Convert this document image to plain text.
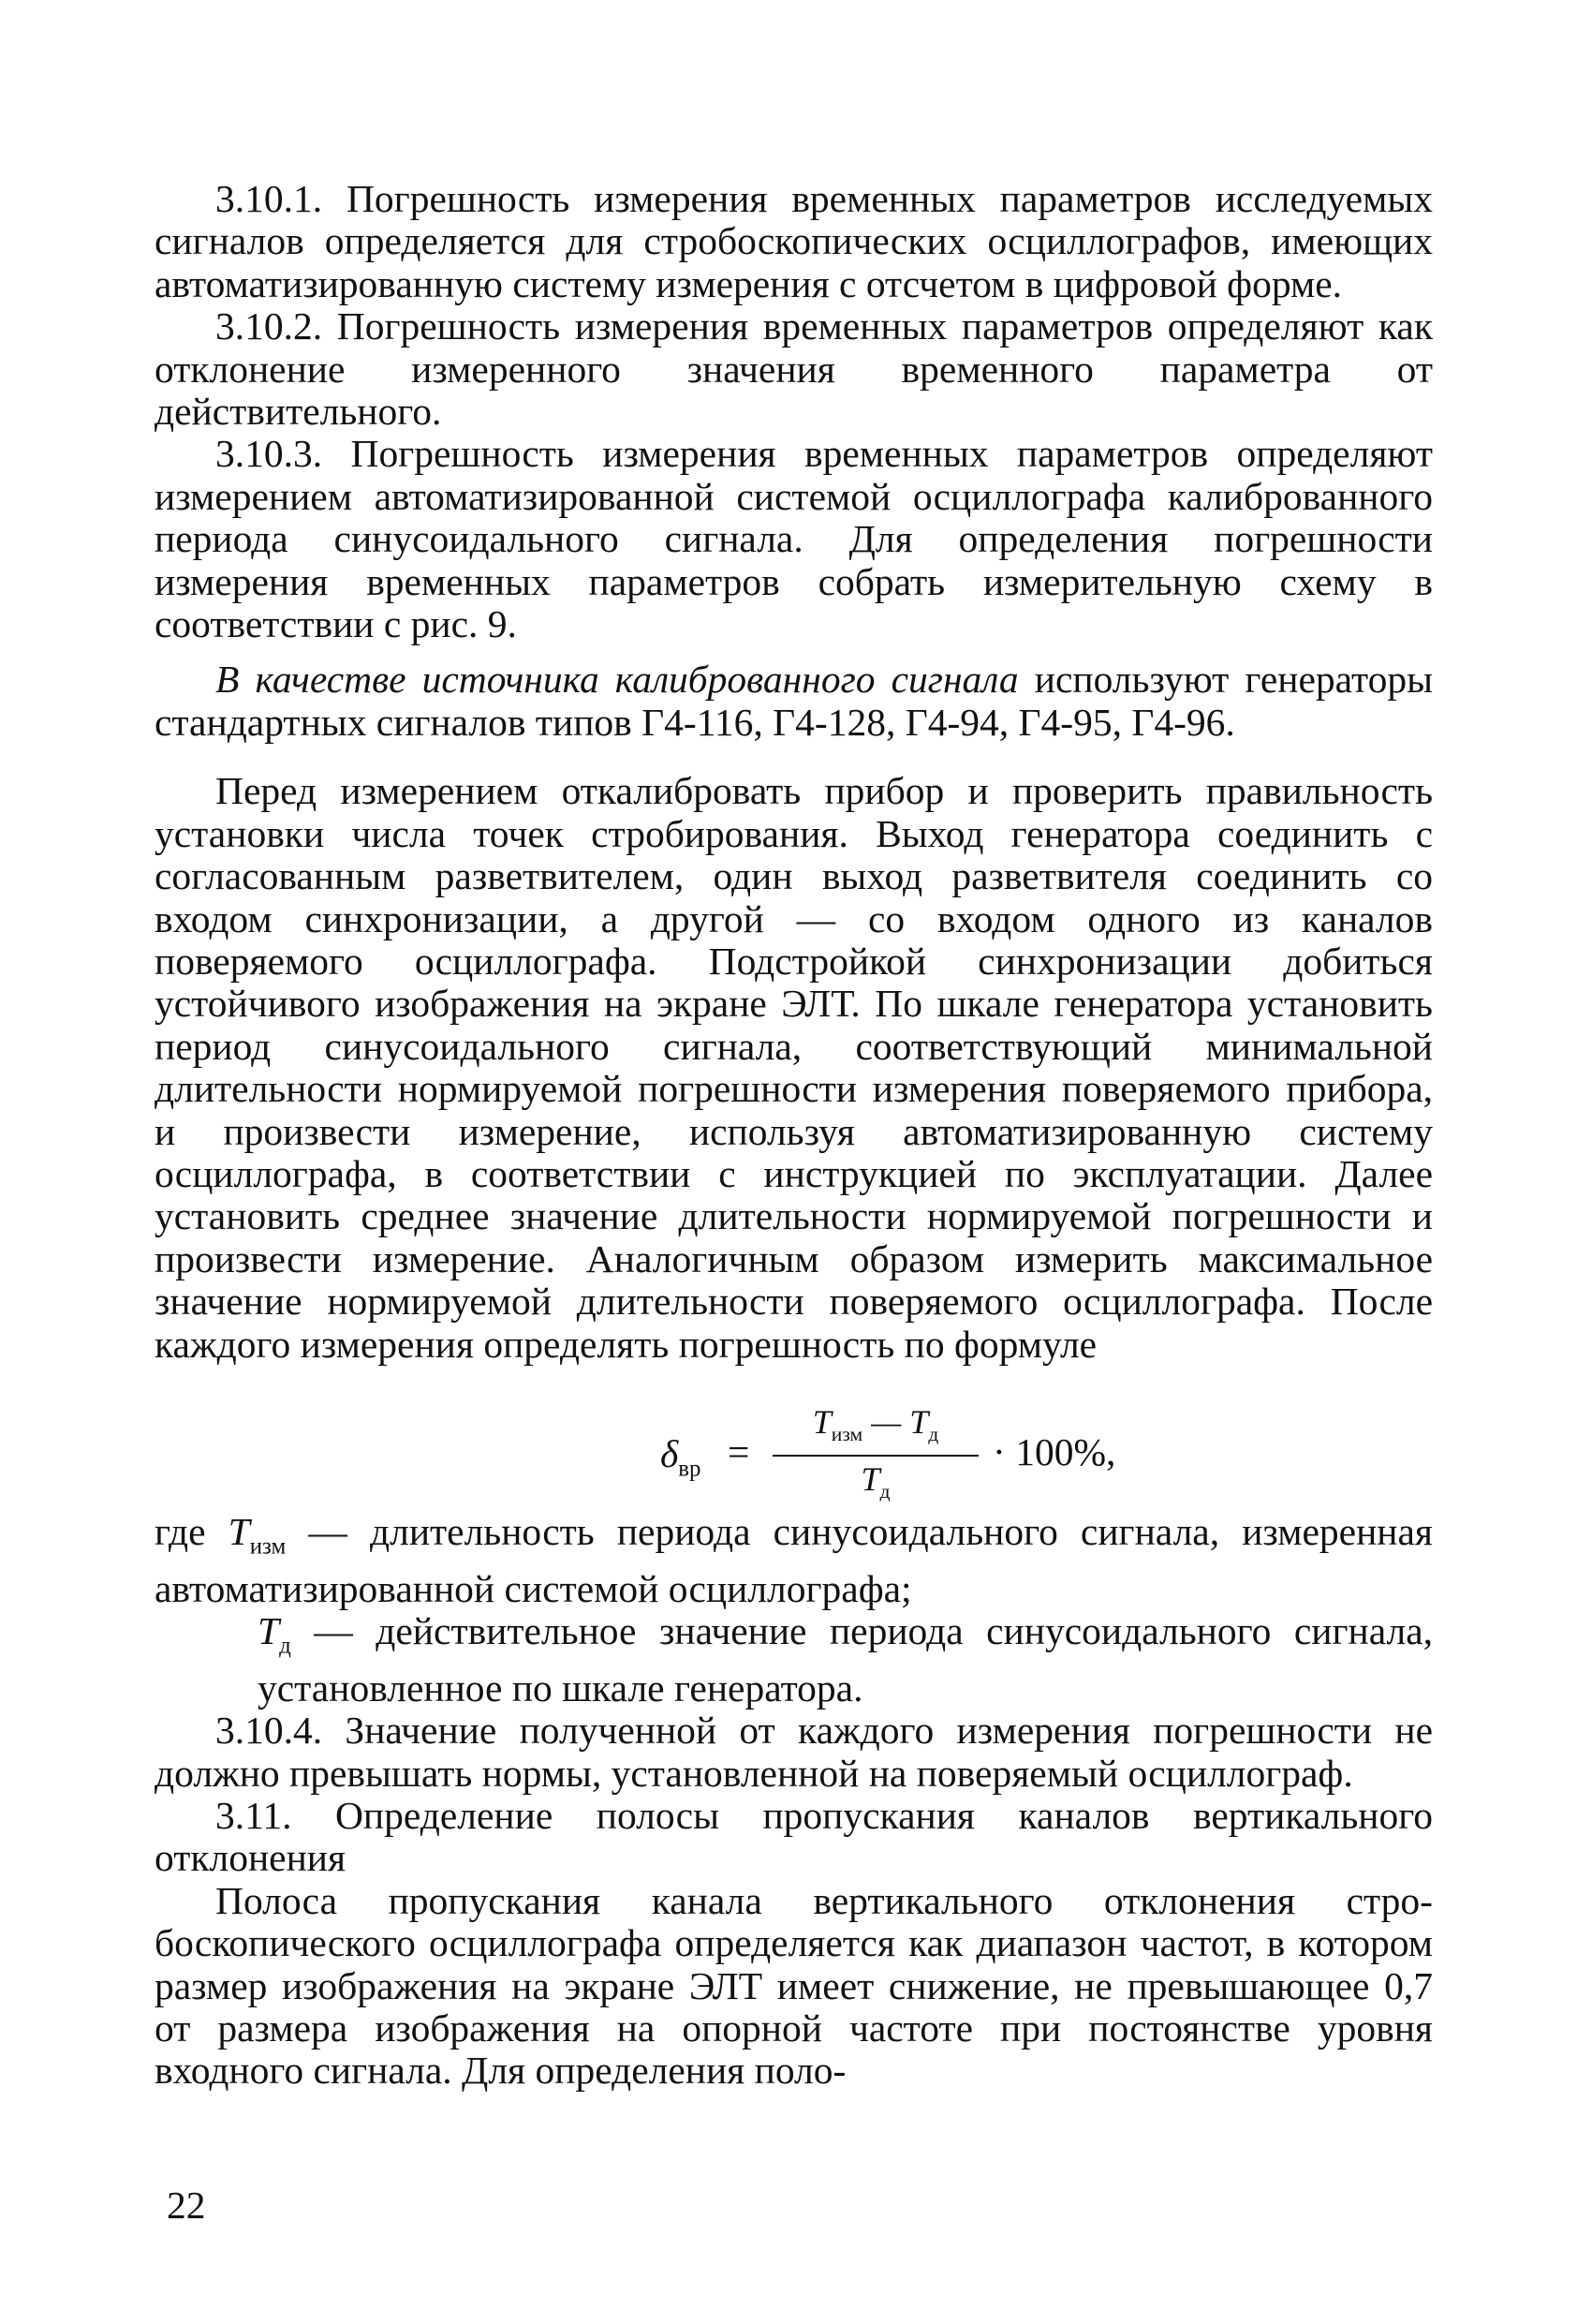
3.10.1. Погрешность измерения временных параметров исследуемых сигналов определяется для стробоскопических осциллографов, имеющих автоматизированную систему измерения с отсчетом в цифровой форме.

3.10.2. Погрешность измерения временных параметров определяют как отклонение измеренного значения временного параметра от действительного.

3.10.3. Погрешность измерения временных параметров определяют измерением автоматизированной системой осциллографа калиброванного периода синусоидального сигнала. Для определения погрешности измерения временных параметров собрать измерительную схему в соответствии с рис. 9.

В качестве источника калиброванного сигнала используют генераторы стандартных сигналов типов Г4-116, Г4-128, Г4-94, Г4-95, Г4-96.

Перед измерением откалибровать прибор и проверить правильность установки числа точек стробирования. Выход генератора соединить с согласованным разветвителем, один выход разветвителя соединить со входом синхронизации, а другой — со входом одного из каналов поверяемого осциллографа. Подстройкой синхронизации добиться устойчивого изображения на экране ЭЛТ. По шкале генератора установить период синусоидального сигнала, соответствующий минимальной длительности нормируемой погрешности измерения поверяемого прибора, и произвести измерение, используя автоматизированную систему осциллографа, в соответствии с инструкцией по эксплуатации. Далее установить среднее значение длительности нормируемой погрешности и произвести измерение. Аналогичным образом измерить максимальное значение нормируемой длительности поверяемого осциллографа. После каждого измерения определять погрешность по формуле

$\delta_{вр}$ =
$T_{изм}$ — $T_д$
$T_д$
· 100%,

где $T_{изм}$ — длительность периода синусоидального сигнала, измеренная автоматизированной системой осциллографа;

$T_д$ — действительное значение периода синусоидального сигнала, установленное по шкале генератора.

3.10.4. Значение полученной от каждого измерения погрешности не должно превышать нормы, установленной на поверяемый осциллограф.

3.11. Определение полосы пропускания каналов вертикального отклонения

Полоса пропускания канала вертикального отклонения стробоскопического осциллографа определяется как диапазон частот, в котором размер изображения на экране ЭЛТ имеет снижение, не превышающее 0,7 от размера изображения на опорной частоте при постоянстве уровня входного сигнала. Для определения поло-

22
